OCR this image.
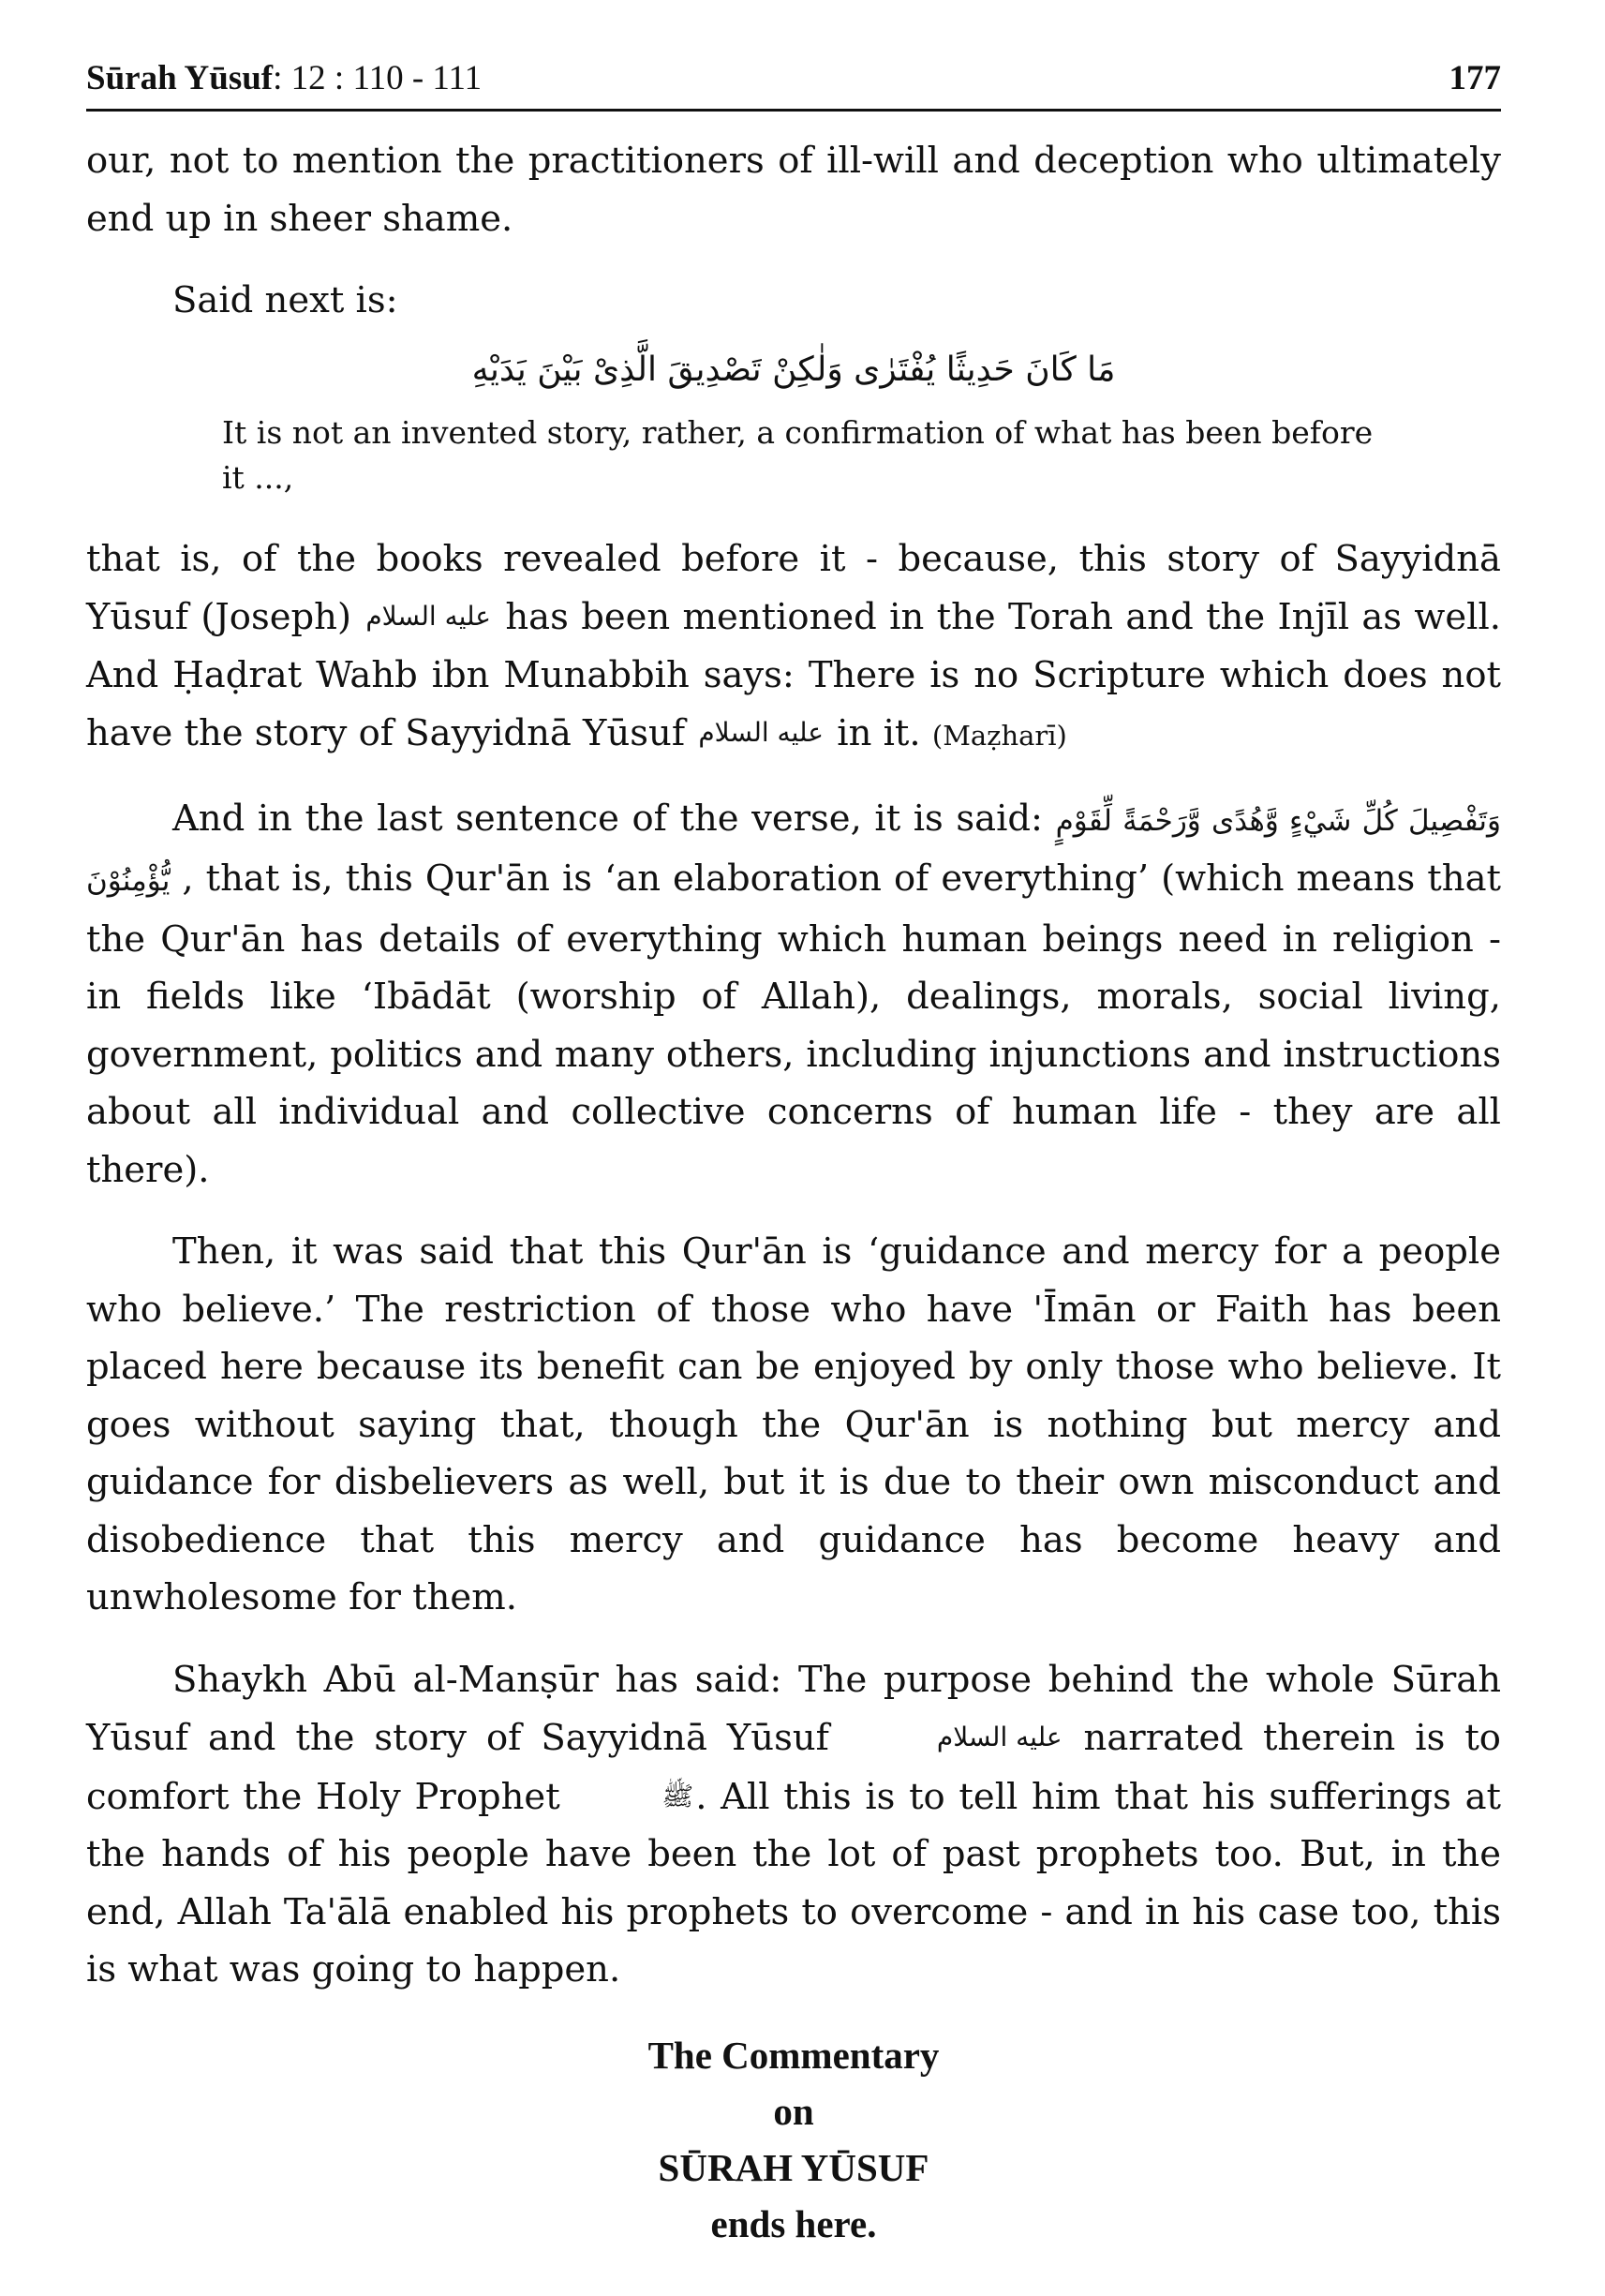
Sūrah Yūsuf: 12 : 110 - 111	177

our, not to mention the practitioners of ill-will and deception who ultimately end up in sheer shame.

Said next is:

مَا كَانَ حَدِيثًا يُفْتَرٰى وَلٰكِنْ تَصْدِيقَ الَّذِىْ بَيْنَ يَدَيْهِ

It is not an invented story, rather, a confirmation of what has been before it ...,

that is, of the books revealed before it - because, this story of Sayyidnā Yūsuf (Joseph) عليه السلام has been mentioned in the Torah and the Injīl as well. And Ḥaḍrat Wahb ibn Munabbih says: There is no Scripture which does not have the story of Sayyidnā Yūsuf عليه السلام in it. (Maẓharī)

And in the last sentence of the verse, it is said: وَتَفْصِيلَ كُلِّ شَيْءٍ وَّهُدًى وَّرَحْمَةً لِّقَوْمٍ يُّؤْمِنُوْنَ , that is, this Qur'ān is ‘an elaboration of everything’ (which means that the Qur'ān has details of everything which human beings need in religion - in fields like ‘Ibādāt (worship of Allah), dealings, morals, social living, government, politics and many others, including injunctions and instructions about all individual and collective concerns of human life - they are all there).

Then, it was said that this Qur'ān is ‘guidance and mercy for a people who believe.’ The restriction of those who have 'Īmān or Faith has been placed here because its benefit can be enjoyed by only those who believe. It goes without saying that, though the Qur'ān is nothing but mercy and guidance for disbelievers as well, but it is due to their own misconduct and disobedience that this mercy and guidance has become heavy and unwholesome for them.

Shaykh Abū al-Manṣūr has said: The purpose behind the whole Sūrah Yūsuf and the story of Sayyidnā Yūsuf	عليه السلام narrated therein is to comfort the Holy Prophet	ﷺ. All this is to tell him that his sufferings at the hands of his people have been the lot of past prophets too. But, in the end, Allah Ta'ālā enabled his prophets to overcome - and in his case too, this is what was going to happen.

The Commentary
on
SŪRAH YŪSUF
ends here.
